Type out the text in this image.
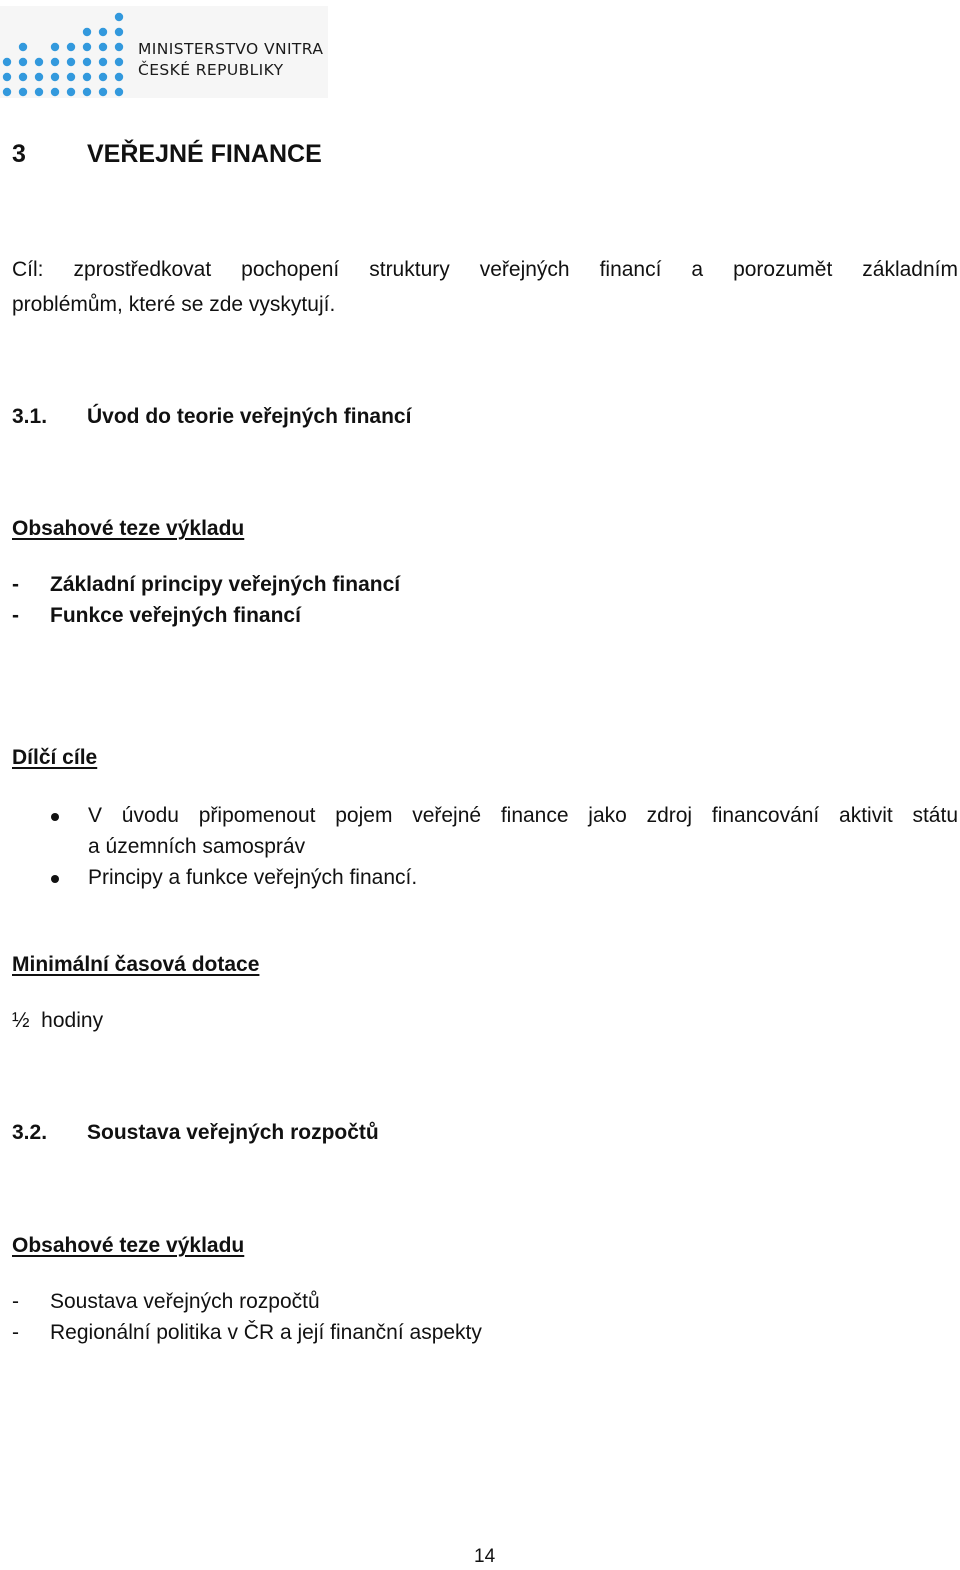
MINISTERSTVO VNITRA
ČESKÉ REPUBLIKY
3 VEŘEJNÉ FINANCE
Cíl: zprostředkovat pochopení struktury veřejných financí a porozumět základním
problémům, které se zde vyskytují.
3.1. Úvod do teorie veřejných financí
Obsahové teze výkladu
- Základní principy veřejných financí
- Funkce veřejných financí
Dílčí cíle
V úvodu připomenout pojem veřejné finance jako zdroj financování aktivit státu
a územních samospráv
Principy a funkce veřejných financí.
Minimální časová dotace
½  hodiny
3.2. Soustava veřejných rozpočtů
Obsahové teze výkladu
- Soustava veřejných rozpočtů
- Regionální politika v ČR a její finanční aspekty
14
